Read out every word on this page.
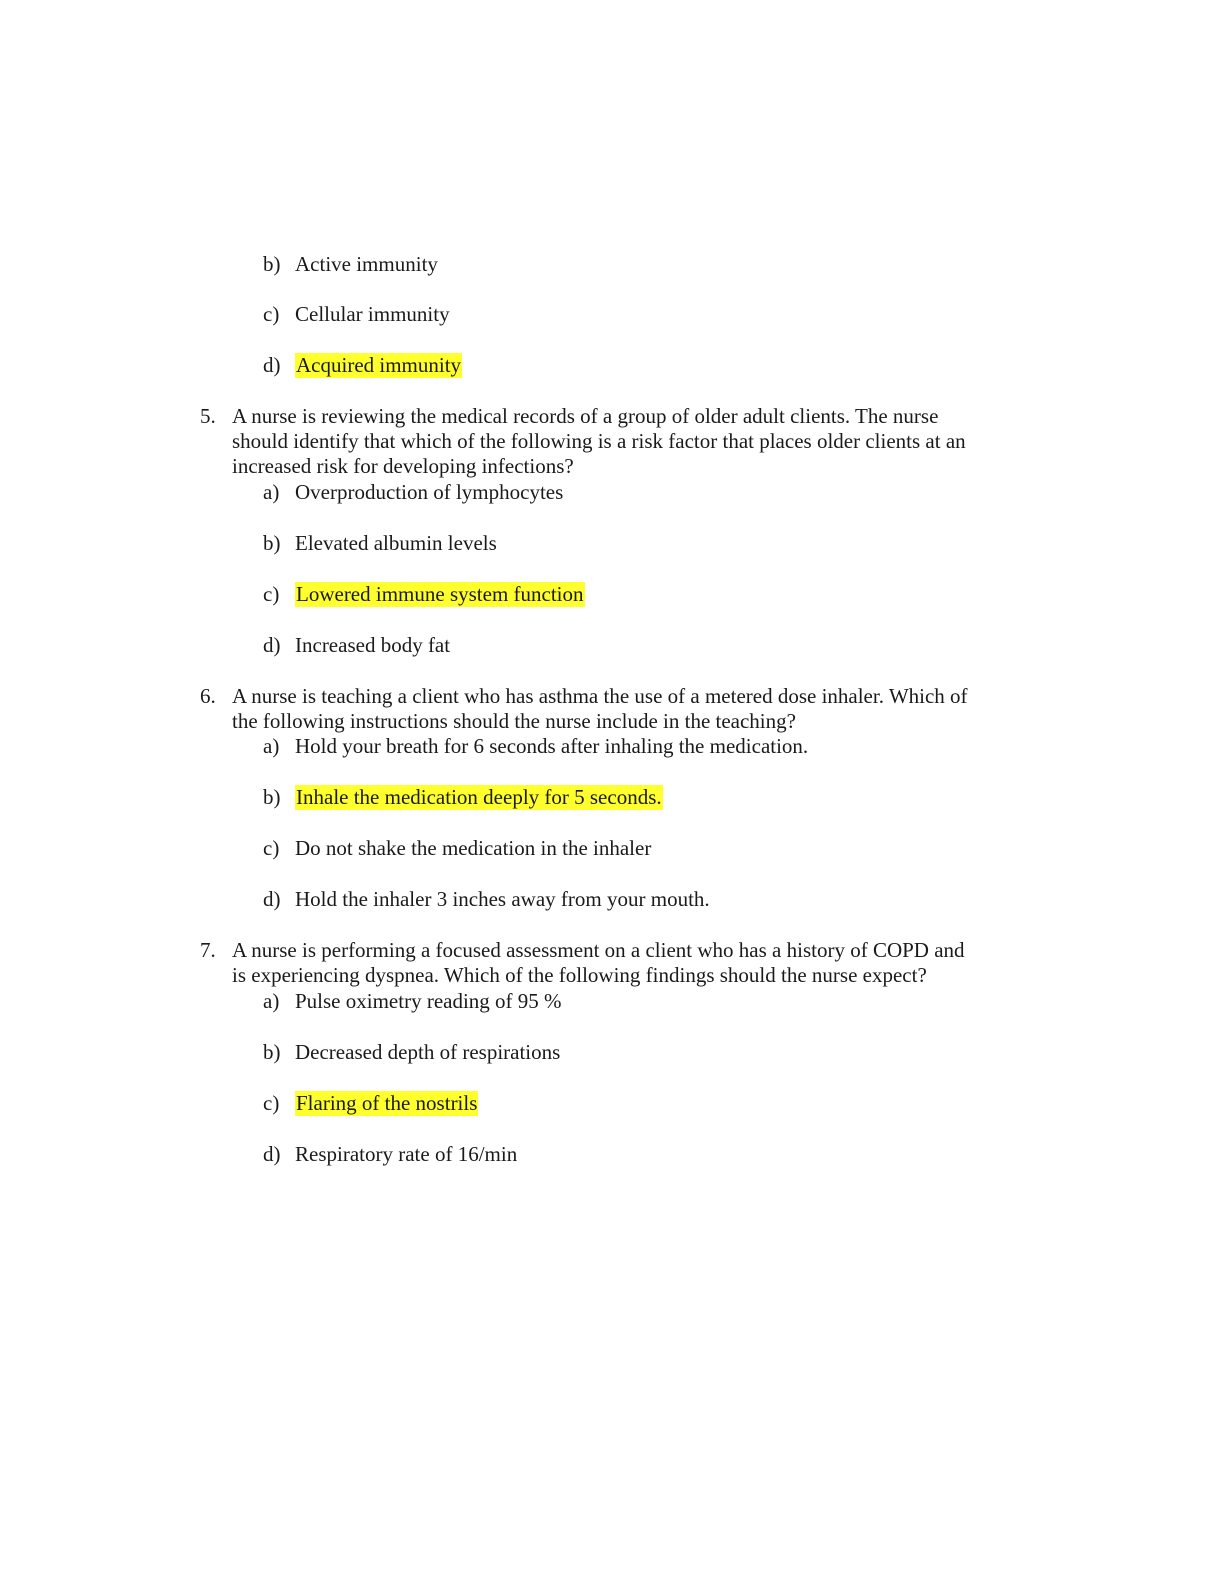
b) Active immunity
c) Cellular immunity
d) Acquired immunity
5. A nurse is reviewing the medical records of a group of older adult clients. The nurse
should identify that which of the following is a risk factor that places older clients at an
increased risk for developing infections?
a) Overproduction of lymphocytes
b) Elevated albumin levels
c) Lowered immune system function
d) Increased body fat
6. A nurse is teaching a client who has asthma the use of a metered dose inhaler. Which of
the following instructions should the nurse include in the teaching?
a) Hold your breath for 6 seconds after inhaling the medication.
b) Inhale the medication deeply for 5 seconds.
c) Do not shake the medication in the inhaler
d) Hold the inhaler 3 inches away from your mouth.
7. A nurse is performing a focused assessment on a client who has a history of COPD and
is experiencing dyspnea. Which of the following findings should the nurse expect?
a) Pulse oximetry reading of 95 %
b) Decreased depth of respirations
c) Flaring of the nostrils
d) Respiratory rate of 16/min
